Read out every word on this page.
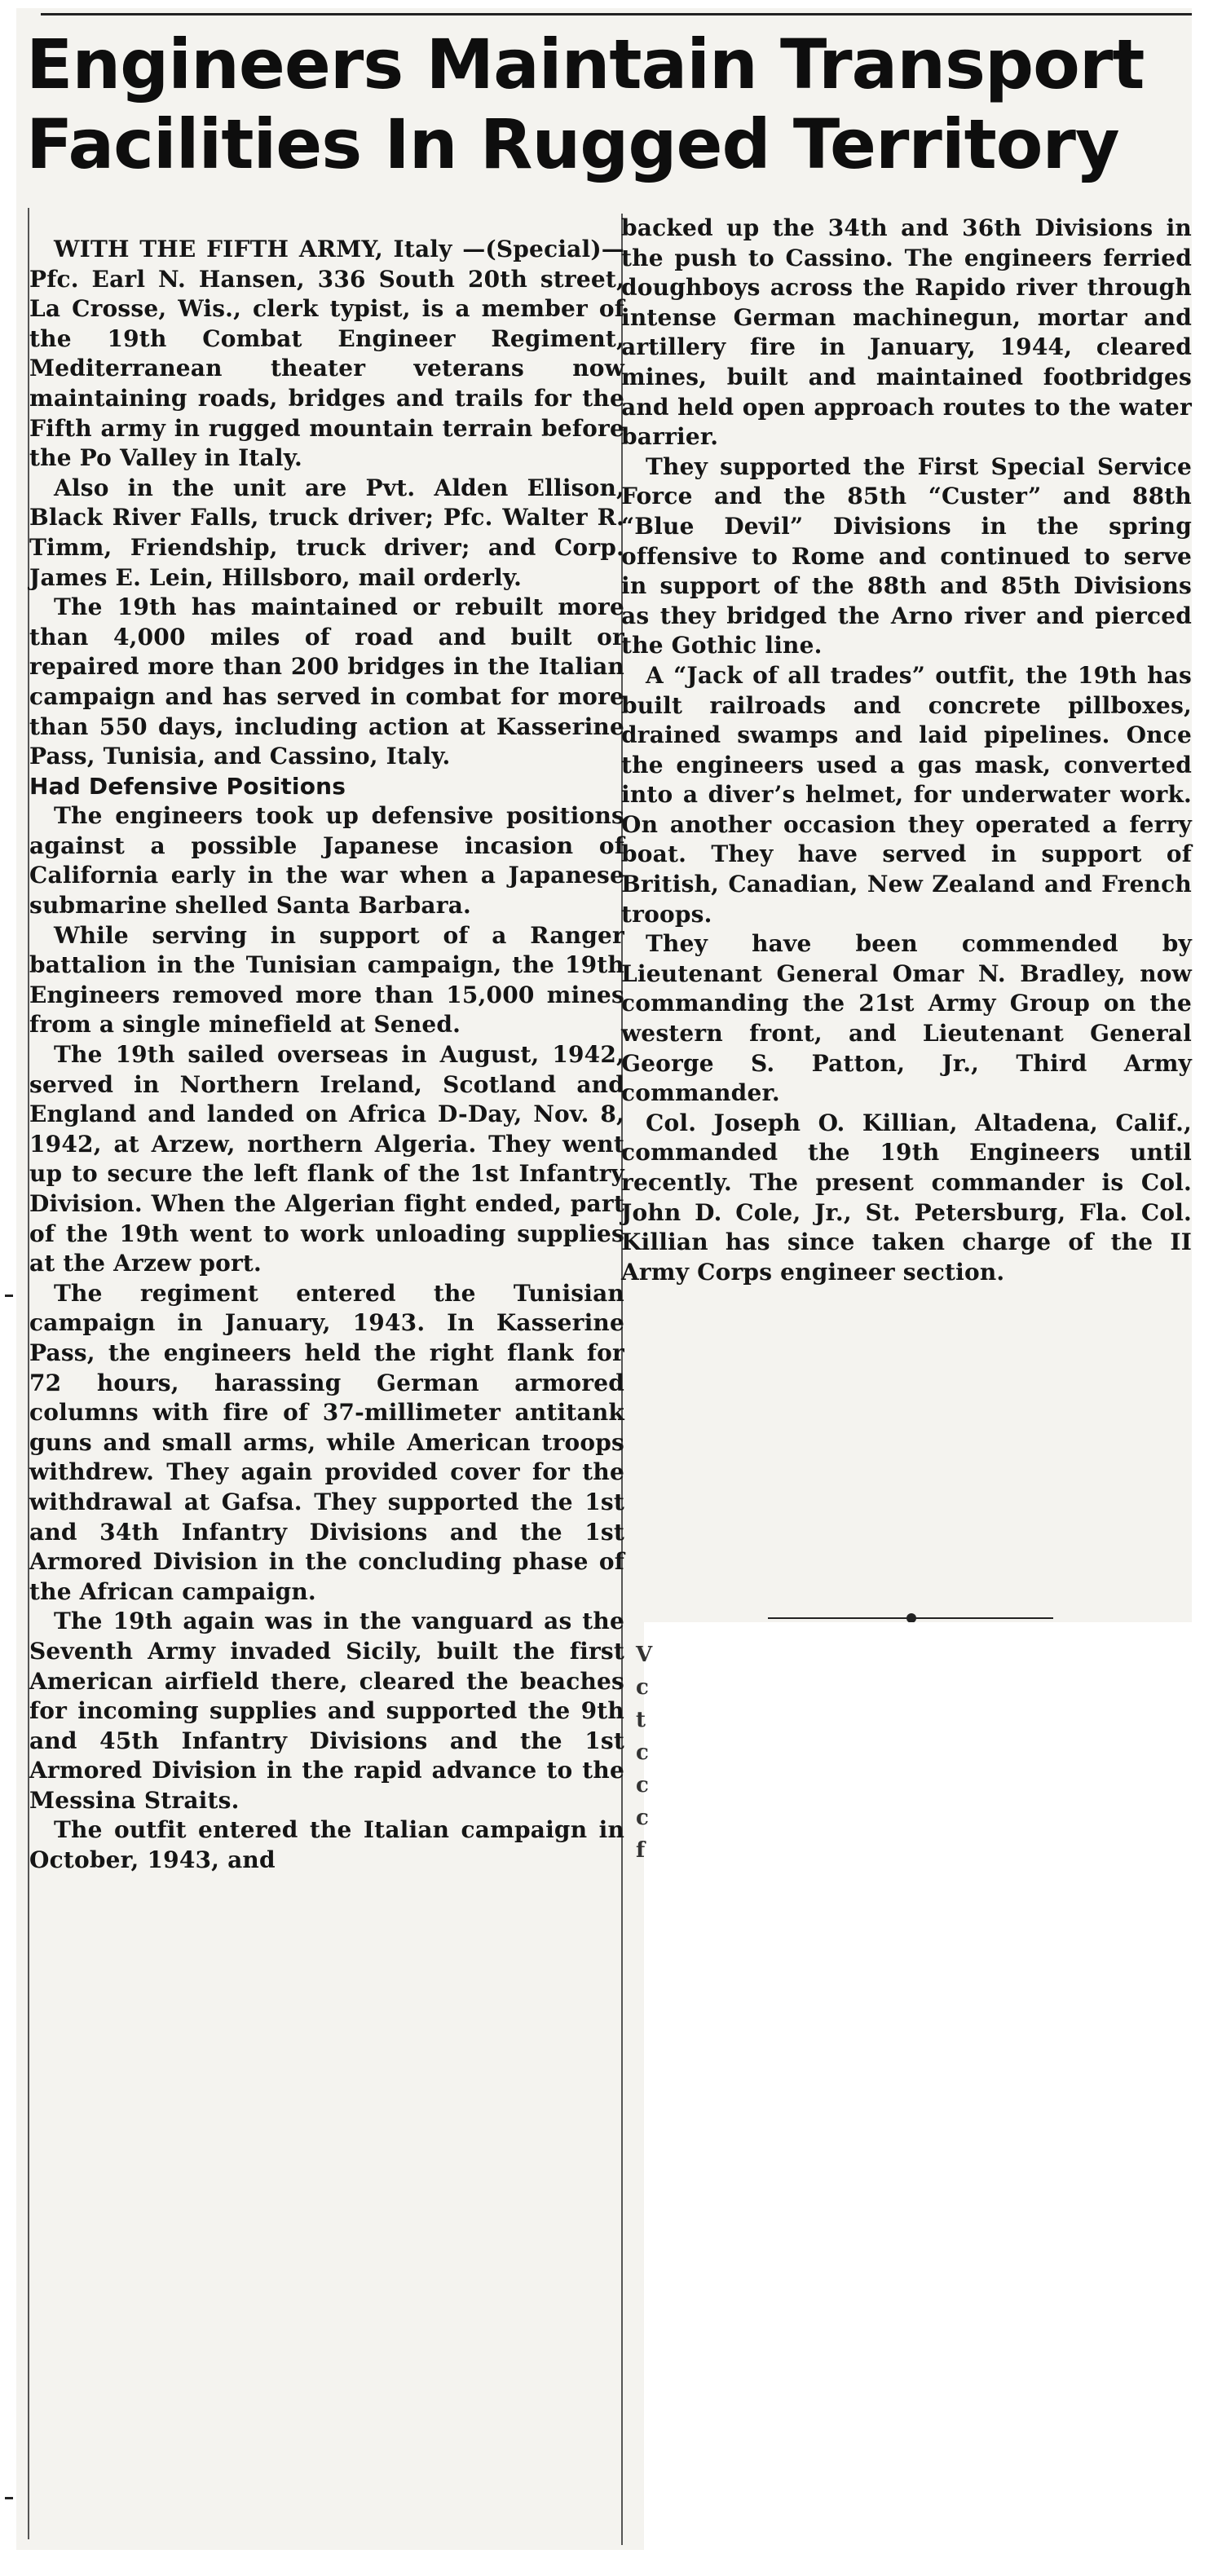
Engineers Maintain Transport Facilities In Rugged Territory

WITH THE FIFTH ARMY, Italy —(Special)— Pfc. Earl N. Hansen, 336 South 20th street, La Crosse, Wis., clerk typist, is a member of the 19th Combat Engineer Regiment, Mediterranean theater veterans now maintaining roads, bridges and trails for the Fifth army in rugged mountain terrain before the Po Valley in Italy.

Also in the unit are Pvt. Alden Ellison, Black River Falls, truck driver; Pfc. Walter R. Timm, Friendship, truck driver; and Corp. James E. Lein, Hillsboro, mail orderly.

The 19th has maintained or rebuilt more than 4,000 miles of road and built or repaired more than 200 bridges in the Italian campaign and has served in combat for more than 550 days, including action at Kasserine Pass, Tunisia, and Cassino, Italy.

Had Defensive Positions

The engineers took up defensive positions against a possible Japanese incasion of California early in the war when a Japanese submarine shelled Santa Barbara.

While serving in support of a Ranger battalion in the Tunisian campaign, the 19th Engineers removed more than 15,000 mines from a single minefield at Sened.

The 19th sailed overseas in August, 1942, served in Northern Ireland, Scotland and England and landed on Africa D-Day, Nov. 8, 1942, at Arzew, northern Algeria. They went up to secure the left flank of the 1st Infantry Division. When the Algerian fight ended, part of the 19th went to work unloading supplies at the Arzew port.

The regiment entered the Tunisian campaign in January, 1943. In Kasserine Pass, the engineers held the right flank for 72 hours, harassing German armored columns with fire of 37-millimeter antitank guns and small arms, while American troops withdrew. They again provided cover for the withdrawal at Gafsa. They supported the 1st and 34th Infantry Divisions and the 1st Armored Division in the concluding phase of the African campaign.

The 19th again was in the vanguard as the Seventh Army invaded Sicily, built the first American airfield there, cleared the beaches for incoming supplies and supported the 9th and 45th Infantry Divisions and the 1st Armored Division in the rapid advance to the Messina Straits.

The outfit entered the Italian campaign in October, 1943, and

backed up the 34th and 36th Divisions in the push to Cassino. The engineers ferried doughboys across the Rapido river through intense German machinegun, mortar and artillery fire in January, 1944, cleared mines, built and maintained footbridges and held open approach routes to the water barrier.

They supported the First Special Service Force and the 85th “Custer” and 88th “Blue Devil” Divisions in the spring offensive to Rome and continued to serve in support of the 88th and 85th Divisions as they bridged the Arno river and pierced the Gothic line.

A “Jack of all trades” outfit, the 19th has built railroads and concrete pillboxes, drained swamps and laid pipelines. Once the engineers used a gas mask, converted into a diver’s helmet, for underwater work. On another occasion they operated a ferry boat. They have served in support of British, Canadian, New Zealand and French troops.

They have been commended by Lieutenant General Omar N. Bradley, now commanding the 21st Army Group on the western front, and Lieutenant General George S. Patton, Jr., Third Army commander.

Col. Joseph O. Killian, Altadena, Calif., commanded the 19th Engineers until recently. The present commander is Col. John D. Cole, Jr., St. Petersburg, Fla. Col. Killian has since taken charge of the II Army Corps engineer section.

V
c
t
c
c
c
f
